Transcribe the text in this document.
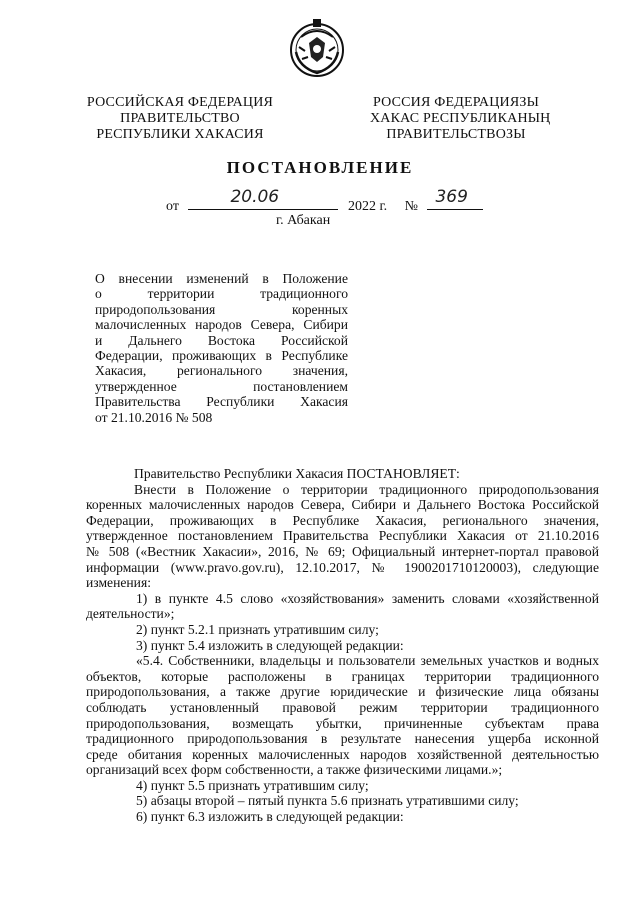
РОССИЙСКАЯ ФЕДЕРАЦИЯ
ПРАВИТЕЛЬСТВО
РЕСПУБЛИКИ ХАКАСИЯ
РОССИЯ ФЕДЕРАЦИЯЗЫ
ХАКАС РЕСПУБЛИКАНЫҢ
ПРАВИТЕЛЬСТВОЗЫ
ПОСТАНОВЛЕНИЕ
от	20.06	2022 г. № 369
г. Абакан
О внесении изменений в Положение
о территории традиционного
природопользования коренных
малочисленных народов Севера, Сибири
и Дальнего Востока Российской
Федерации, проживающих в Республике
Хакасия, регионального значения,
утвержденное постановлением
Правительства Республики Хакасия
от 21.10.2016 № 508
Правительство Республики Хакасия ПОСТАНОВЛЯЕТ:
Внести в Положение о территории традиционного природопользования
коренных малочисленных народов Севера, Сибири и Дальнего Востока Российской
Федерации, проживающих в Республике Хакасия, регионального значения,
утвержденное постановлением Правительства Республики Хакасия от 21.10.2016
№ 508 («Вестник Хакасии», 2016, № 69; Официальный интернет-портал правовой
информации (www.pravo.gov.ru), 12.10.2017, № 1900201710120003), следующие
изменения:
1) в пункте 4.5 слово «хозяйствования» заменить словами «хозяйственной
деятельности»;
2) пункт 5.2.1 признать утратившим силу;
3) пункт 5.4 изложить в следующей редакции:
«5.4. Собственники, владельцы и пользователи земельных участков и водных
объектов, которые расположены в границах территории традиционного
природопользования, а также другие юридические и физические лица обязаны
соблюдать установленный правовой режим территории традиционного
природопользования, возмещать убытки, причиненные субъектам права
традиционного природопользования в результате нанесения ущерба исконной
среде обитания коренных малочисленных народов хозяйственной деятельностью
организаций всех форм собственности, а также физическими лицами.»;
4) пункт 5.5 признать утратившим силу;
5) абзацы второй – пятый пункта 5.6 признать утратившими силу;
6) пункт 6.3 изложить в следующей редакции:
